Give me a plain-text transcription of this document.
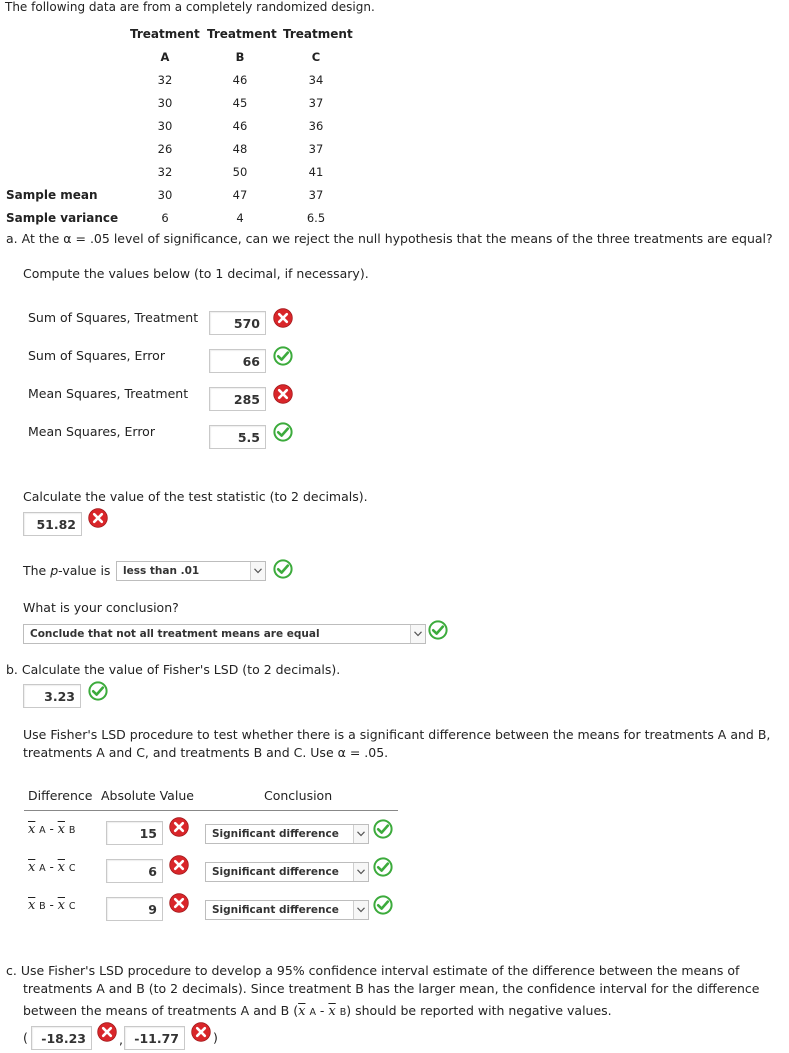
The following data are from a completely randomized design.
Treatment Treatment Treatment
A	B	C
32	46	34
30	45	37
30	46	36
26	48	37
32	50	41
Sample mean	30	47	37
Sample variance	6	4	6.5
a. At the α = .05 level of significance, can we reject the null hypothesis that the means of the three treatments are equal?
Compute the values below (to 1 decimal, if necessary).
Sum of Squares, Treatment	570
Sum of Squares, Error	66
Mean Squares, Treatment	285
Mean Squares, Error	5.5
Calculate the value of the test statistic (to 2 decimals).
51.82
The p-value is	less than .01
What is your conclusion?
Conclude that not all treatment means are equal
b. Calculate the value of Fisher's LSD (to 2 decimals).
3.23
Use Fisher's LSD procedure to test whether there is a significant difference between the means for treatments A and B,
treatments A and C, and treatments B and C. Use α = .05.
Difference Absolute Value	Conclusion
$\overline{x}$ A - $\overline{x}$ B	15	Significant difference
$\overline{x}$ A - $\overline{x}$ C	6	Significant difference
$\overline{x}$ B - $\overline{x}$ C	9	Significant difference
c. Use Fisher's LSD procedure to develop a 95% confidence interval estimate of the difference between the means of
treatments A and B (to 2 decimals). Since treatment B has the larger mean, the confidence interval for the difference
between the means of treatments A and B ($\overline{x}$ A - $\overline{x}$ B) should be reported with negative values.
(	-18.23	, -11.77	)
